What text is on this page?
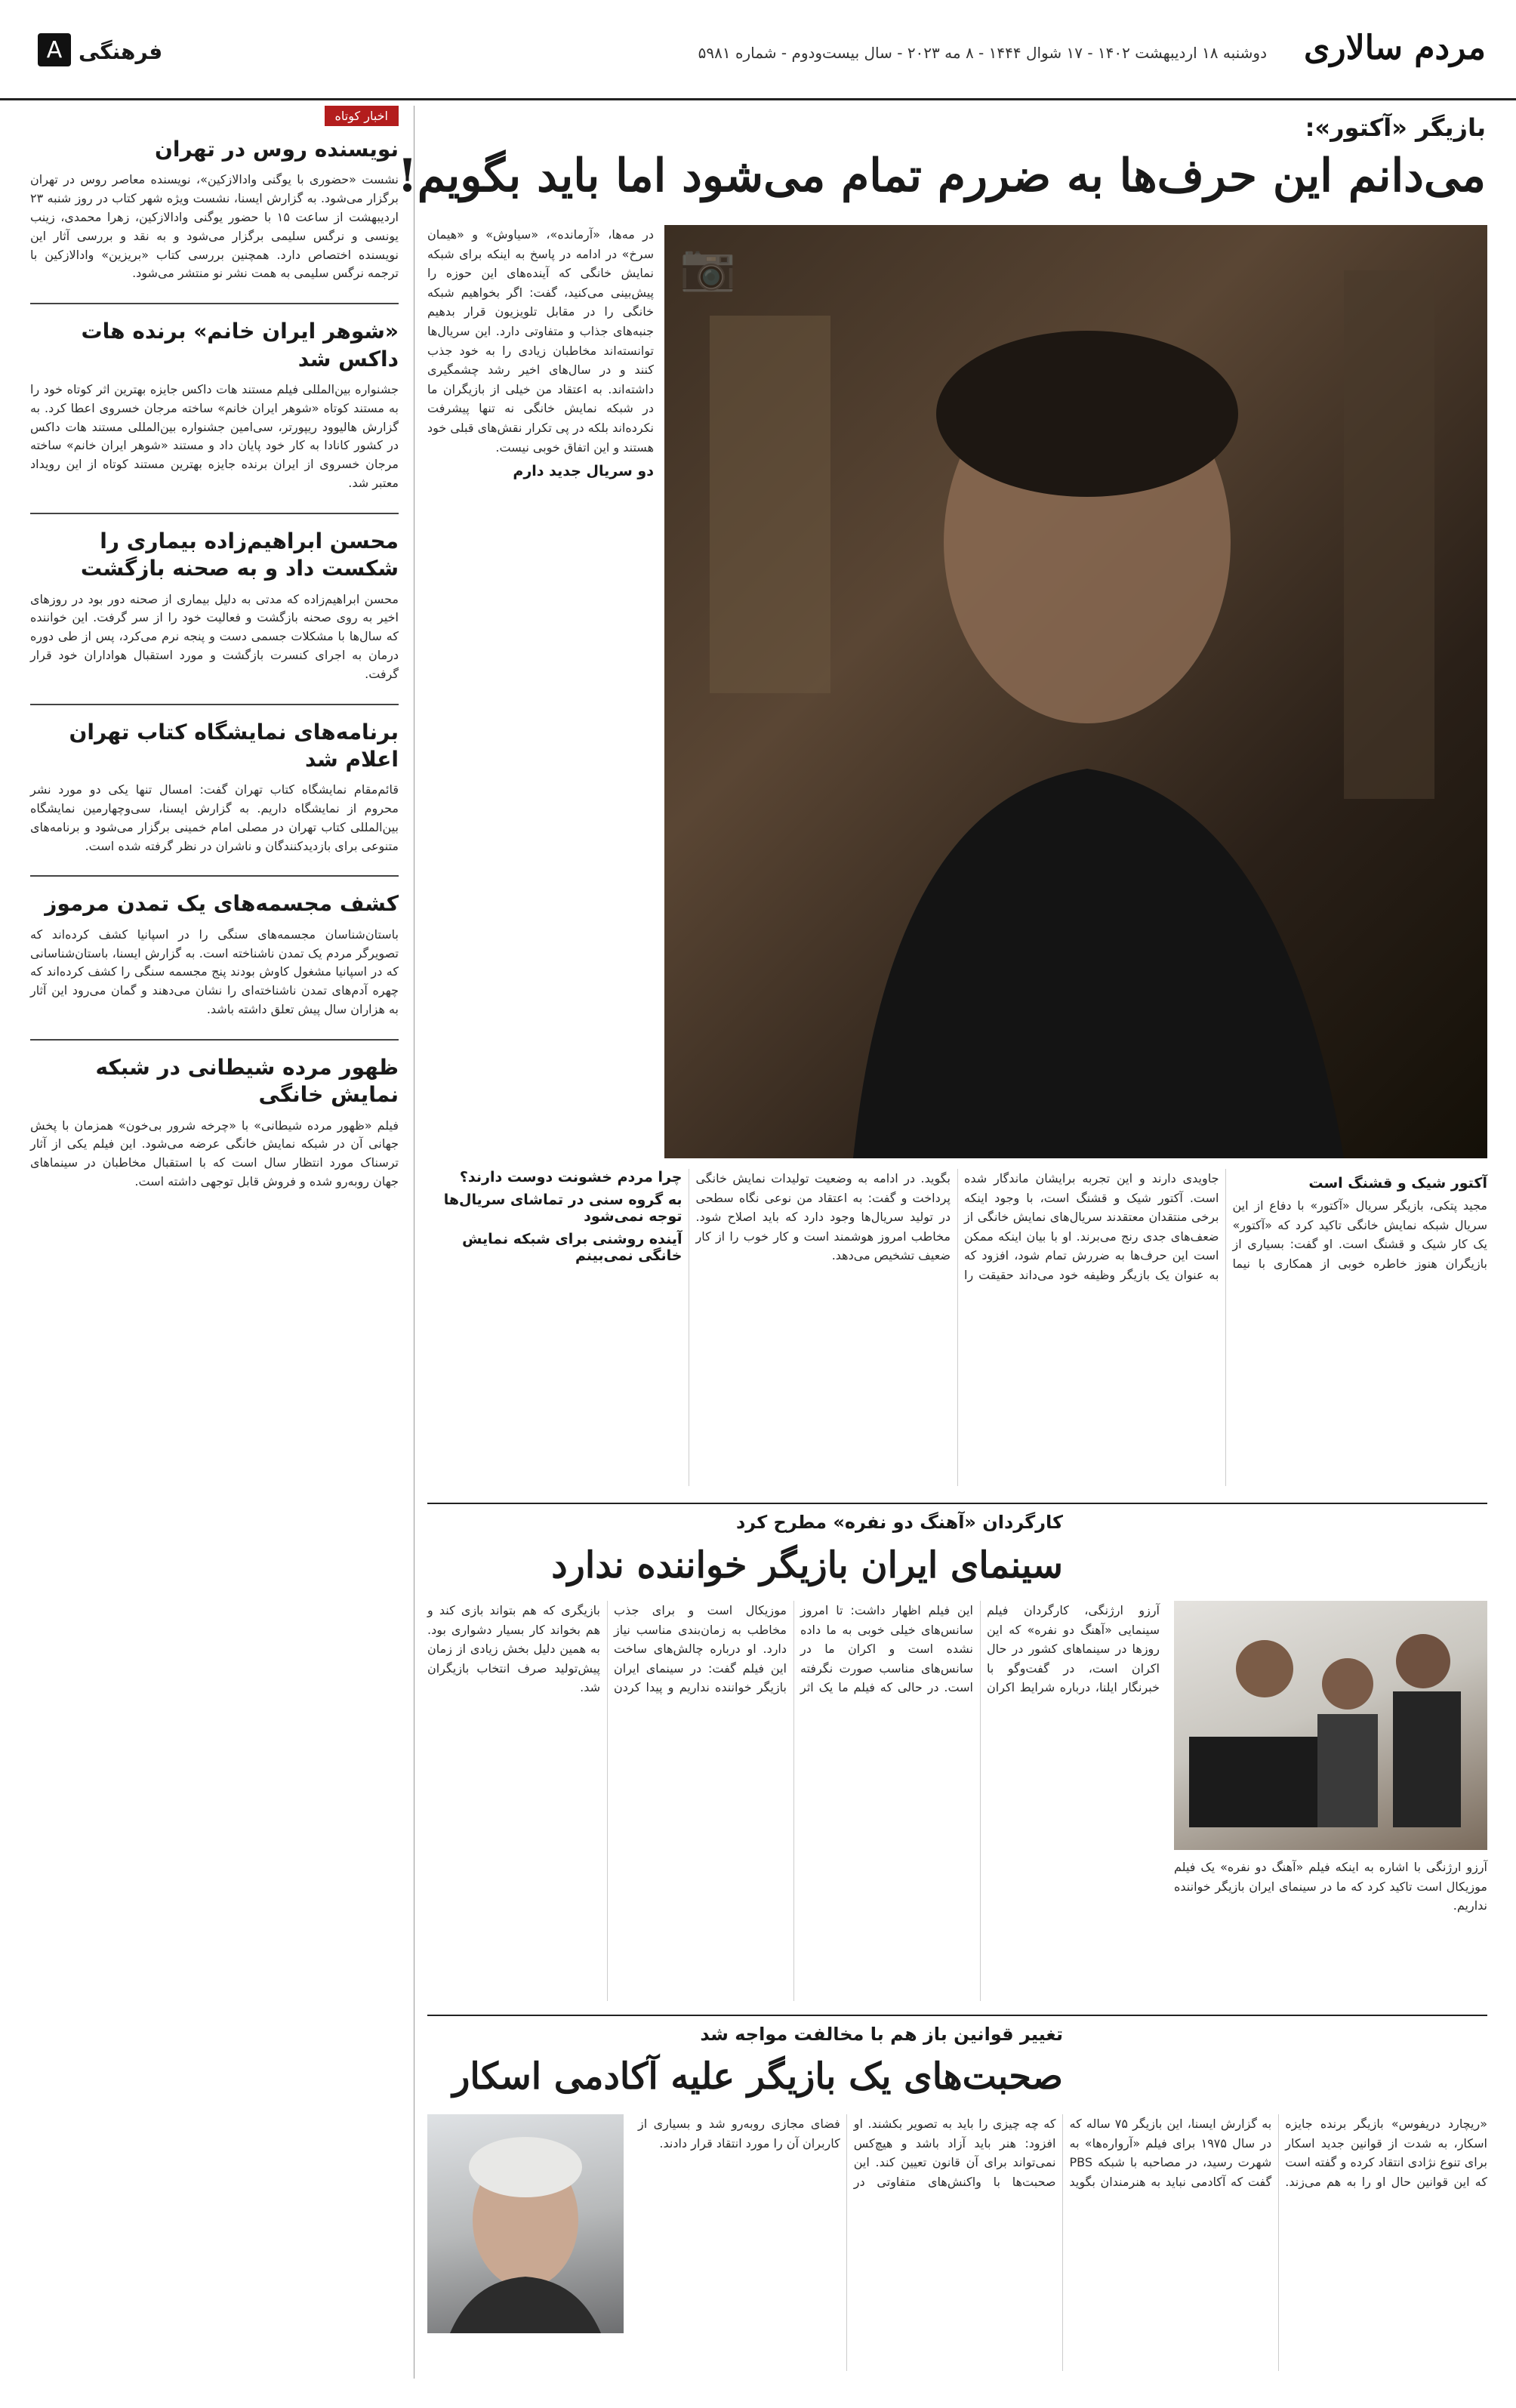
مردم سالاری
دوشنبه ۱۸ اردیبهشت ۱۴۰۲ - ۱۷ شوال ۱۴۴۴ - ۸ مه ۲۰۲۳ - سال بیست‌ودوم - شماره ۵۹۸۱
A فرهنگی
اخبار کوتاه
نویسنده روس در تهران

نشست «حضوری با یوگنی وادالازکین»، نویسنده معاصر روس در تهران برگزار می‌شود. به گزارش ایسنا، نشست ویژه شهر کتاب در روز شنبه ۲۳ اردیبهشت از ساعت ۱۵ با حضور یوگنی وادالازکین، زهرا محمدی، زینب یونسی و نرگس سلیمی برگزار می‌شود و به نقد و بررسی آثار این نویسنده اختصاص دارد. همچنین بررسی کتاب «بریزین» وادالازکین با ترجمه نرگس سلیمی به همت نشر نو منتشر می‌شود.

«شوهر ایران خانم» برنده هات داکس شد

جشنواره بین‌المللی فیلم مستند هات داکس جایزه بهترین اثر کوتاه خود را به مستند کوتاه «شوهر ایران خانم» ساخته مرجان خسروی اعطا کرد. به گزارش هالیوود ریپورتر، سی‌امین جشنواره بین‌المللی مستند هات داکس در کشور کانادا به کار خود پایان داد و مستند «شوهر ایران خانم» ساخته مرجان خسروی از ایران برنده جایزه بهترین مستند کوتاه از این رویداد معتبر شد.

محسن ابراهیم‌زاده بیماری را شکست داد و به صحنه بازگشت

محسن ابراهیم‌زاده که مدتی به دلیل بیماری از صحنه دور بود در روزهای اخیر به روی صحنه بازگشت و فعالیت خود را از سر گرفت. این خواننده که سال‌ها با مشکلات جسمی دست و پنجه نرم می‌کرد، پس از طی دوره درمان به اجرای کنسرت بازگشت و مورد استقبال هواداران خود قرار گرفت.

برنامه‌های نمایشگاه کتاب تهران اعلام شد

قائم‌مقام نمایشگاه کتاب تهران گفت: امسال تنها یکی دو مورد نشر محروم از نمایشگاه داریم. به گزارش ایسنا، سی‌وچهارمین نمایشگاه بین‌المللی کتاب تهران در مصلی امام خمینی برگزار می‌شود و برنامه‌های متنوعی برای بازدیدکنندگان و ناشران در نظر گرفته شده است.

کشف مجسمه‌های یک تمدن مرموز

باستان‌شناسان مجسمه‌های سنگی را در اسپانیا کشف کرده‌اند که تصویرگر مردم یک تمدن ناشناخته است. به گزارش ایسنا، باستان‌شناسانی که در اسپانیا مشغول کاوش بودند پنج مجسمه سنگی را کشف کرده‌اند که چهره آدم‌های تمدن ناشناخته‌ای را نشان می‌دهند و گمان می‌رود این آثار به هزاران سال پیش تعلق داشته باشد.

ظهور مرده شیطانی در شبکه نمایش خانگی

فیلم «ظهور مرده شیطانی» با «چرخه شرور بی‌خون» همزمان با پخش جهانی آن در شبکه نمایش خانگی عرضه می‌شود. این فیلم یکی از آثار ترسناک مورد انتظار سال است که با استقبال مخاطبان در سینماهای جهان روبه‌رو شده و فروش قابل توجهی داشته است.

بازیگر «آکتور»:
می‌دانم این حرف‌ها به ضررم تمام می‌شود اما باید بگویم!
📷

در مه‌ها، «آرمانده»، «سیاوش» و «هیمان سرخ» در ادامه در پاسخ به اینکه برای شبکه نمایش خانگی که آینده‌های این حوزه را پیش‌بینی می‌کنید، گفت: اگر بخواهیم شبکه خانگی را در مقابل تلویزیون قرار بدهیم جنبه‌های جذاب و متفاوتی دارد. این سریال‌ها توانسته‌اند مخاطبان زیادی را به خود جذب کنند و در سال‌های اخیر رشد چشمگیری داشته‌اند. به اعتقاد من خیلی از بازیگران ما در شبکه نمایش خانگی نه تنها پیشرفت نکرده‌اند بلکه در پی تکرار نقش‌های قبلی خود هستند و این اتفاق خوبی نیست.

دو سریال جدید دارم
آکتور شیک و قشنگ است

مجید پتکی، بازیگر سریال «آکتور» با دفاع از این سریال شبکه نمایش خانگی تاکید کرد که «آکتور» یک کار شیک و قشنگ است. او گفت: بسیاری از بازیگران هنوز خاطره خوبی از همکاری با نیما جاویدی دارند و این تجربه برایشان ماندگار شده است. آکتور شیک و قشنگ است، با وجود اینکه برخی منتقدان معتقدند سریال‌های نمایش خانگی از ضعف‌های جدی رنج می‌برند. او با بیان اینکه ممکن است این حرف‌ها به ضررش تمام شود، افزود که به عنوان یک بازیگر وظیفه خود می‌داند حقیقت را بگوید. در ادامه به وضعیت تولیدات نمایش خانگی پرداخت و گفت: به اعتقاد من نوعی نگاه سطحی در تولید سریال‌ها وجود دارد که باید اصلاح شود. مخاطب امروز هوشمند است و کار خوب را از کار ضعیف تشخیص می‌دهد.

چرا مردم خشونت دوست دارند؟
به گروه سنی در تماشای سریال‌ها توجه نمی‌شود
آینده روشنی برای شبکه نمایش خانگی نمی‌بینم
کارگردان «آهنگ دو نفره» مطرح کرد
سینمای ایران بازیگر خواننده ندارد

آرزو ارژنگی با اشاره به اینکه فیلم «آهنگ دو نفره» یک فیلم موزیکال است تاکید کرد که ما در سینمای ایران بازیگر خواننده نداریم.

آرزو ارژنگی، کارگردان فیلم سینمایی «آهنگ دو نفره» که این روزها در سینماهای کشور در حال اکران است، در گفت‌وگو با خبرنگار ایلنا، درباره شرایط اکران این فیلم اظهار داشت: تا امروز سانس‌های خیلی خوبی به ما داده نشده است و اکران ما در سانس‌های مناسب صورت نگرفته است. در حالی که فیلم ما یک اثر موزیکال است و برای جذب مخاطب به زمان‌بندی مناسب نیاز دارد. او درباره چالش‌های ساخت این فیلم گفت: در سینمای ایران بازیگر خواننده نداریم و پیدا کردن بازیگری که هم بتواند بازی کند و هم بخواند کار بسیار دشواری بود. به همین دلیل بخش زیادی از زمان پیش‌تولید صرف انتخاب بازیگران شد.

تغییر قوانین باز هم با مخالفت مواجه شد
صحبت‌های یک بازیگر علیه آکادمی اسکار

«ریچارد دریفوس» بازیگر برنده جایزه اسکار، به شدت از قوانین جدید اسکار برای تنوع نژادی انتقاد کرده و گفته است که این قوانین حال او را به هم می‌زند. به گزارش ایسنا، این بازیگر ۷۵ ساله که در سال ۱۹۷۵ برای فیلم «آرواره‌ها» به شهرت رسید، در مصاحبه با شبکه PBS گفت که آکادمی نباید به هنرمندان بگوید که چه چیزی را باید به تصویر بکشند. او افزود: هنر باید آزاد باشد و هیچ‌کس نمی‌تواند برای آن قانون تعیین کند. این صحبت‌ها با واکنش‌های متفاوتی در فضای مجازی روبه‌رو شد و بسیاری از کاربران آن را مورد انتقاد قرار دادند.
